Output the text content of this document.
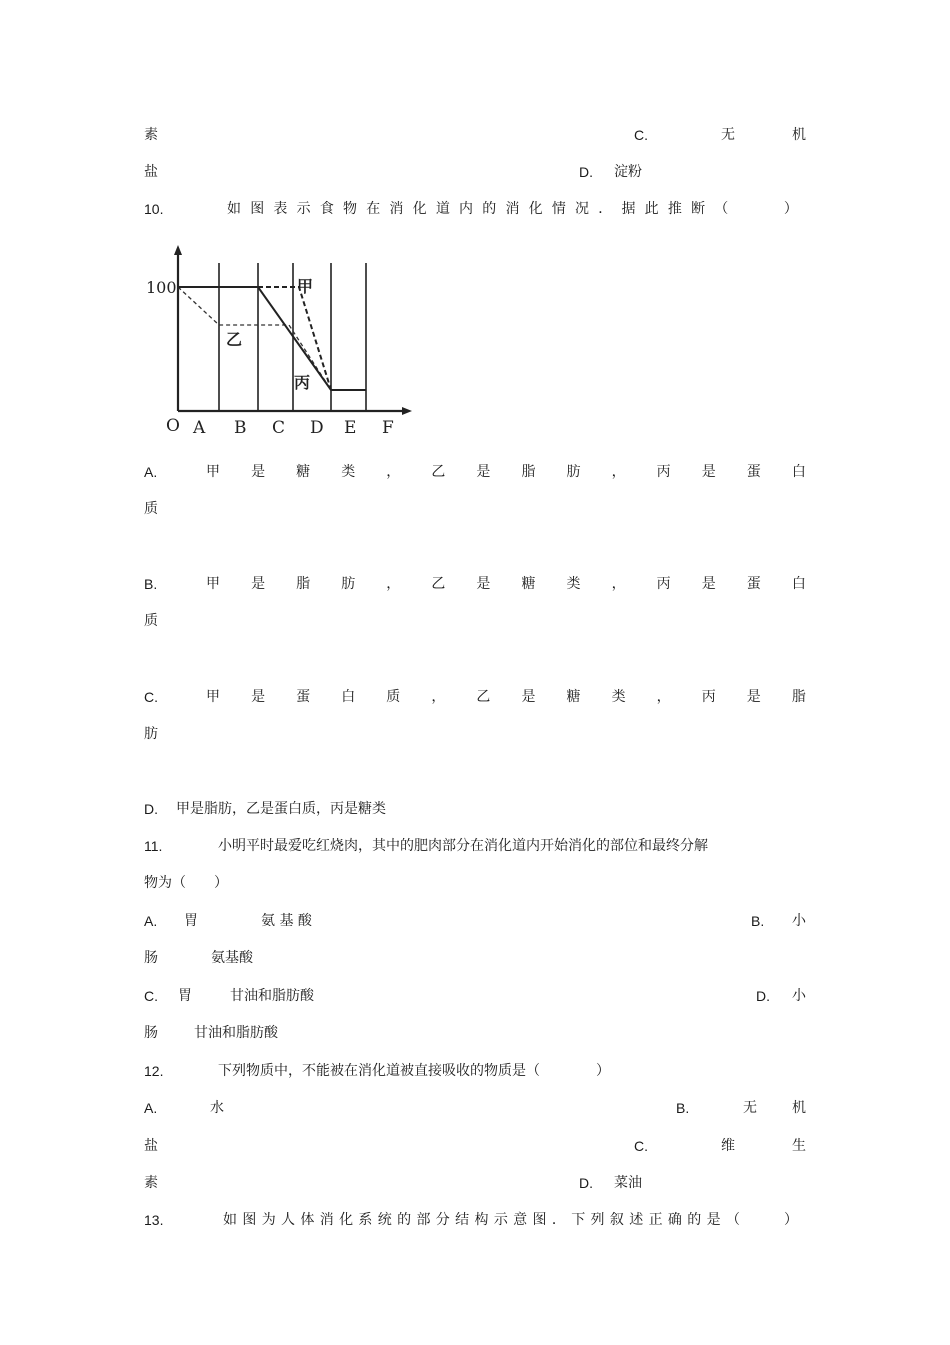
素	C.	无	机
盐	D. 淀粉
10.	如 图 表 示 食 物 在 消 化 道 内 的 消 化 情 况 ． 据 此 推 断 （

　	）
100
O A B C D E F
甲
乙
丙
A.	甲 是 糖 类 ， 乙 是 脂 肪 ， 丙 是 蛋 白
质
B.	甲 是 脂 肪 ， 乙 是 糖 类 ， 丙 是 蛋 白
质
C.	甲 是 蛋 白 质 ， 乙 是 糖 类 ， 丙 是 脂
肪
D. 甲是脂肪，乙是蛋白质，丙是糖类
11.	小明平时最爱吃红烧肉，其中的肥肉部分在消化道内开始消化的部位和最终分解
物为（　　）
A. 胃	氨 基 酸	B. 小
肠	氨基酸
C. 胃	甘油和脂肪酸	D. 小
肠	甘油和脂肪酸
12.	下列物质中，不能被在消化道被直接吸收的物质是（　　　　）
A.	水	B.	无	机
盐	C.	维	生
素	D. 菜油
13.	如 图 为 人 体 消 化 系 统 的 部 分 结 构 示 意 图 ． 下 列 叙 述 正 确 的 是 （

　	）
